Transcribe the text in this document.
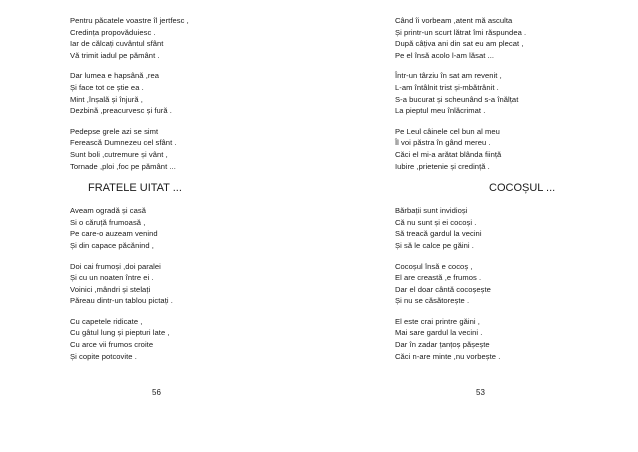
Pentru păcatele voastre îl jertfesc ,
Credința propovăduiesc .
Iar de călcați cuvântul sfânt
Vă trimit iadul pe pământ .
Dar lumea e hapsână ,rea
Și face tot ce știe ea .
Mint ,înșală și înjură ,
Dezbină ,preacurvesc și fură .
Pedepse grele azi se simt
Ferească Dumnezeu cel sfânt .
Sunt boli ,cutremure și vânt ,
Tornade ,ploi ,foc pe pământ ...
FRATELE UITAT ...
Aveam ogradă și casă
Si o căruță frumoasă ,
Pe care-o auzeam venind
Și din capace păcănind ,
Doi cai frumoși ,doi paralei
Și cu un noaten între ei .
Voinici ,mândri și stelați
Păreau dintr-un tablou pictați .
Cu capetele ridicate ,
Cu gâtul lung și piepturi late ,
Cu arce vii frumos croite
Și copite potcovite .
56
Când îi vorbeam ,atent mă asculta
Și printr-un scurt lătrat îmi răspundea .
După câțiva ani din sat eu am plecat ,
Pe el însă acolo l-am lăsat ...
Într-un târziu în sat am revenit ,
L-am întâlnit trist și-mbătrânit .
S-a bucurat și scheunând s-a înălțat
La pieptul meu înlăcrimat .
Pe Leul câinele cel bun al meu
Îl voi păstra în gând mereu .
Căci el mi-a arătat blânda ființă
Iubire ,prietenie și credință .
COCOȘUL ...
Bărbații sunt invidioși
Că nu sunt și ei cocoși .
Să treacă gardul la vecini
Și să le calce pe găini .
Cocoșul însă e cocoș ,
El are creastă ,e frumos .
Dar el doar cântă cocoșește
Și nu se căsătorește .
El este crai printre găini ,
Mai sare gardul la vecini .
Dar în zadar țanțoș pășește
Căci n-are minte ,nu vorbește .
53
